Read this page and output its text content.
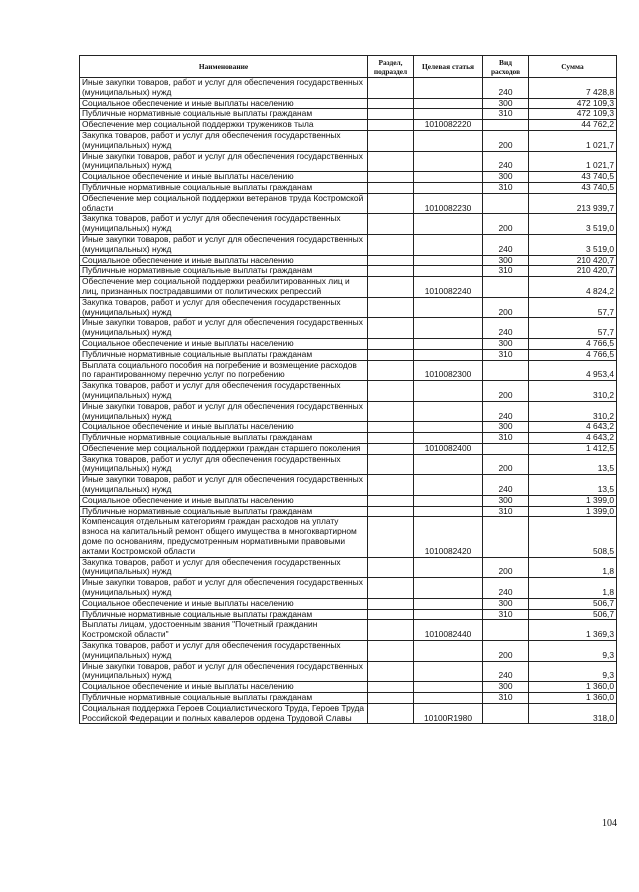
Наименование	Раздел, подраздел	Целевая статья	Вид расходов	Сумма
Иные закупки товаров, работ и услуг для обеспечения государственных (муниципальных) нужд			240	7 428,8
Социальное обеспечение и иные выплаты населению			300	472 109,3
Публичные нормативные социальные выплаты гражданам			310	472 109,3
Обеспечение мер социальной поддержки тружеников тыла		1010082220		44 762,2
Закупка товаров, работ и услуг для обеспечения государственных (муниципальных) нужд			200	1 021,7
Иные закупки товаров, работ и услуг для обеспечения государственных (муниципальных) нужд			240	1 021,7
Социальное обеспечение и иные выплаты населению			300	43 740,5
Публичные нормативные социальные выплаты гражданам			310	43 740,5
Обеспечение мер социальной поддержки ветеранов труда Костромской области		1010082230		213 939,7
Закупка товаров, работ и услуг для обеспечения государственных (муниципальных) нужд			200	3 519,0
Иные закупки товаров, работ и услуг для обеспечения государственных (муниципальных) нужд			240	3 519,0
Социальное обеспечение и иные выплаты населению			300	210 420,7
Публичные нормативные социальные выплаты гражданам			310	210 420,7
Обеспечение мер социальной поддержки реабилитированных лиц и лиц, признанных пострадавшими от политических репрессий		1010082240		4 824,2
Закупка товаров, работ и услуг для обеспечения государственных (муниципальных) нужд			200	57,7
Иные закупки товаров, работ и услуг для обеспечения государственных (муниципальных) нужд			240	57,7
Социальное обеспечение и иные выплаты населению			300	4 766,5
Публичные нормативные социальные выплаты гражданам			310	4 766,5
Выплата социального пособия на погребение и возмещение расходов по гарантированному перечню услуг по погребению		1010082300		4 953,4
Закупка товаров, работ и услуг для обеспечения государственных (муниципальных) нужд			200	310,2
Иные закупки товаров, работ и услуг для обеспечения государственных (муниципальных) нужд			240	310,2
Социальное обеспечение и иные выплаты населению			300	4 643,2
Публичные нормативные социальные выплаты гражданам			310	4 643,2
Обеспечение мер социальной поддержки граждан старшего поколения		1010082400		1 412,5
Закупка товаров, работ и услуг для обеспечения государственных (муниципальных) нужд			200	13,5
Иные закупки товаров, работ и услуг для обеспечения государственных (муниципальных) нужд			240	13,5
Социальное обеспечение и иные выплаты населению			300	1 399,0
Публичные нормативные социальные выплаты гражданам			310	1 399,0
Компенсация отдельным категориям граждан расходов на уплату взноса на капитальный ремонт общего имущества в многоквартирном доме по основаниям, предусмотренным нормативными правовыми актами Костромской области		1010082420		508,5
Закупка товаров, работ и услуг для обеспечения государственных (муниципальных) нужд			200	1,8
Иные закупки товаров, работ и услуг для обеспечения государственных (муниципальных) нужд			240	1,8
Социальное обеспечение и иные выплаты населению			300	506,7
Публичные нормативные социальные выплаты гражданам			310	506,7
Выплаты лицам, удостоенным звания "Почетный гражданин Костромской области"		1010082440		1 369,3
Закупка товаров, работ и услуг для обеспечения государственных (муниципальных) нужд			200	9,3
Иные закупки товаров, работ и услуг для обеспечения государственных (муниципальных) нужд			240	9,3
Социальное обеспечение и иные выплаты населению			300	1 360,0
Публичные нормативные социальные выплаты гражданам			310	1 360,0
Социальная поддержка Героев Социалистического Труда, Героев Труда Российской Федерации и полных кавалеров ордена Трудовой Славы		10100R1980		318,0
104
